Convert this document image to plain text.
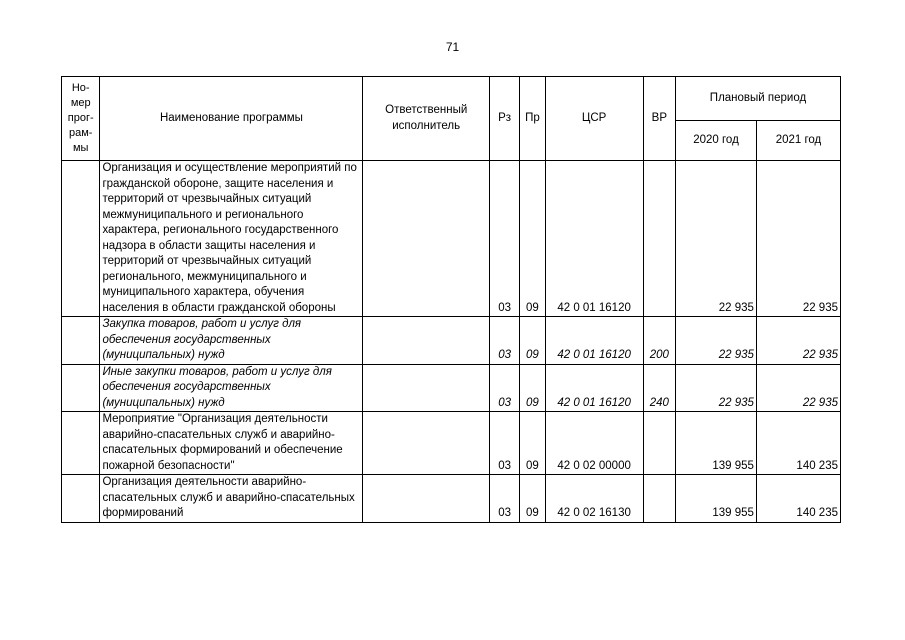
71
Но-
мер
прог-
рам-
мы	Наименование программы	Ответственный исполнитель	Рз	Пр	ЦСР	ВР	Плановый период	
							2020 год	2021 год
	Организация и осуществление мероприятий по гражданской обороне, защите населения и территорий от чрезвычайных ситуаций межмуниципального и регионального характера, регионального государственного надзора в области защиты населения и территорий от чрезвычайных ситуаций регионального, межмуниципального и муниципального характера, обучения населения в области гражданской обороны		03	09	42 0 01 16120		22 935	22 935
	Закупка товаров, работ и услуг для обеспечения государственных (муниципальных) нужд		03	09	42 0 01 16120	200	22 935	22 935
	Иные закупки товаров, работ и услуг для обеспечения государственных (муниципальных) нужд		03	09	42 0 01 16120	240	22 935	22 935
	Мероприятие "Организация деятельности аварийно-спасательных служб и аварийно-спасательных формирований и обеспечение пожарной безопасности"		03	09	42 0 02 00000		139 955	140 235
	Организация деятельности аварийно-спасательных служб и аварийно-спасательных формирований		03	09	42 0 02 16130		139 955	140 235
